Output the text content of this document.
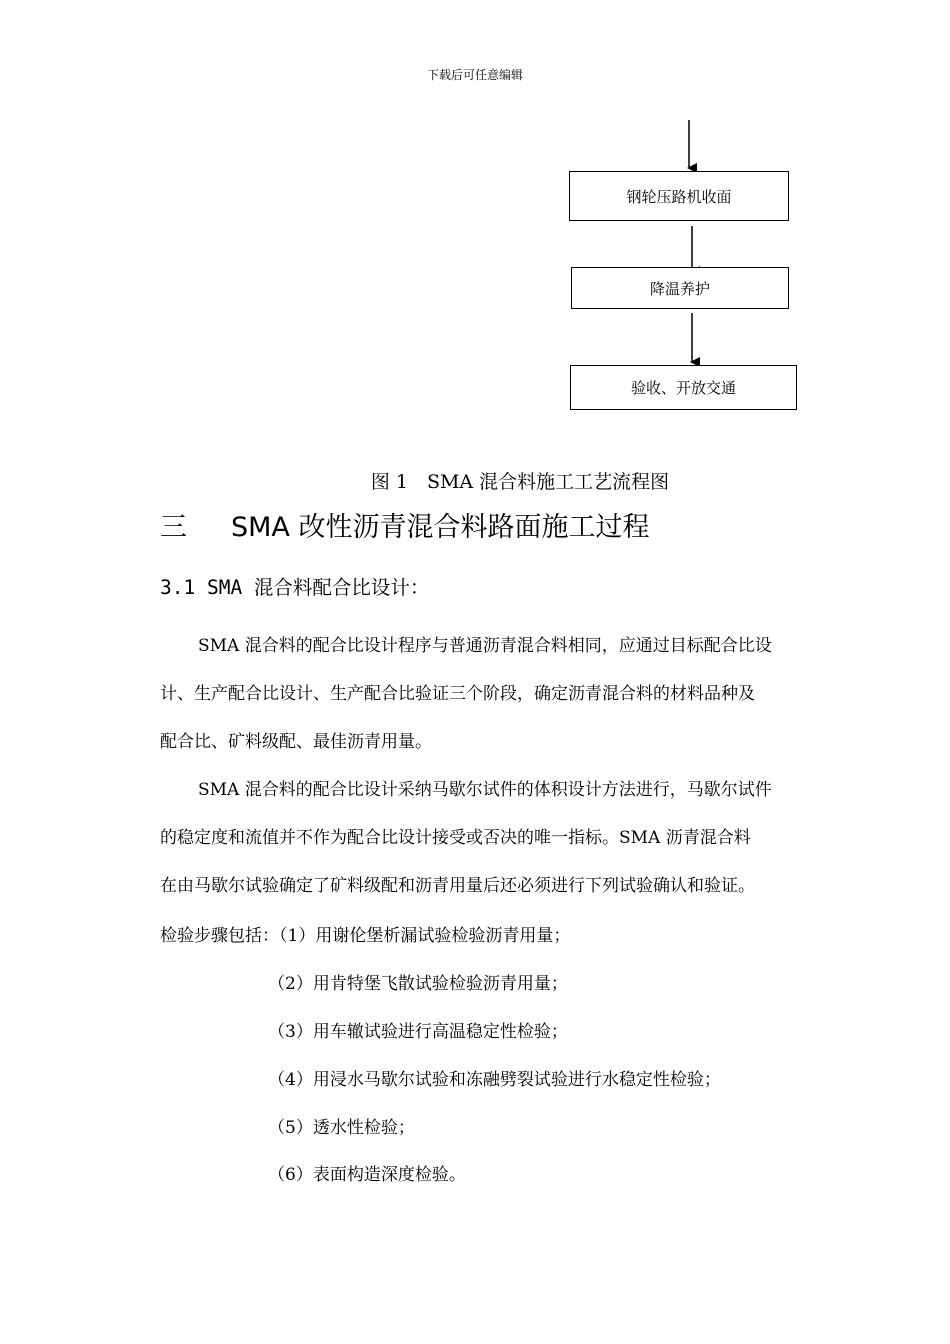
下载后可任意编辑
钢轮压路机收面
降温养护
验收、开放交通
图 1　SMA 混合料施工工艺流程图
三 SMA 改性沥青混合料路面施工过程
3.1 SMA 混合料配合比设计：
SMA 混合料的配合比设计程序与普通沥青混合料相同，应通过目标配合比设
计、生产配合比设计、生产配合比验证三个阶段，确定沥青混合料的材料品种及
配合比、矿料级配、最佳沥青用量。
SMA 混合料的配合比设计采纳马歇尔试件的体积设计方法进行，马歇尔试件
的稳定度和流值并不作为配合比设计接受或否决的唯一指标。SMA 沥青混合料
在由马歇尔试验确定了矿料级配和沥青用量后还必须进行下列试验确认和验证。
检验步骤包括：（1）用谢伦堡析漏试验检验沥青用量；
（2）用肯特堡飞散试验检验沥青用量；
（3）用车辙试验进行高温稳定性检验；
（4）用浸水马歇尔试验和冻融劈裂试验进行水稳定性检验；
（5）透水性检验；
（6）表面构造深度检验。
